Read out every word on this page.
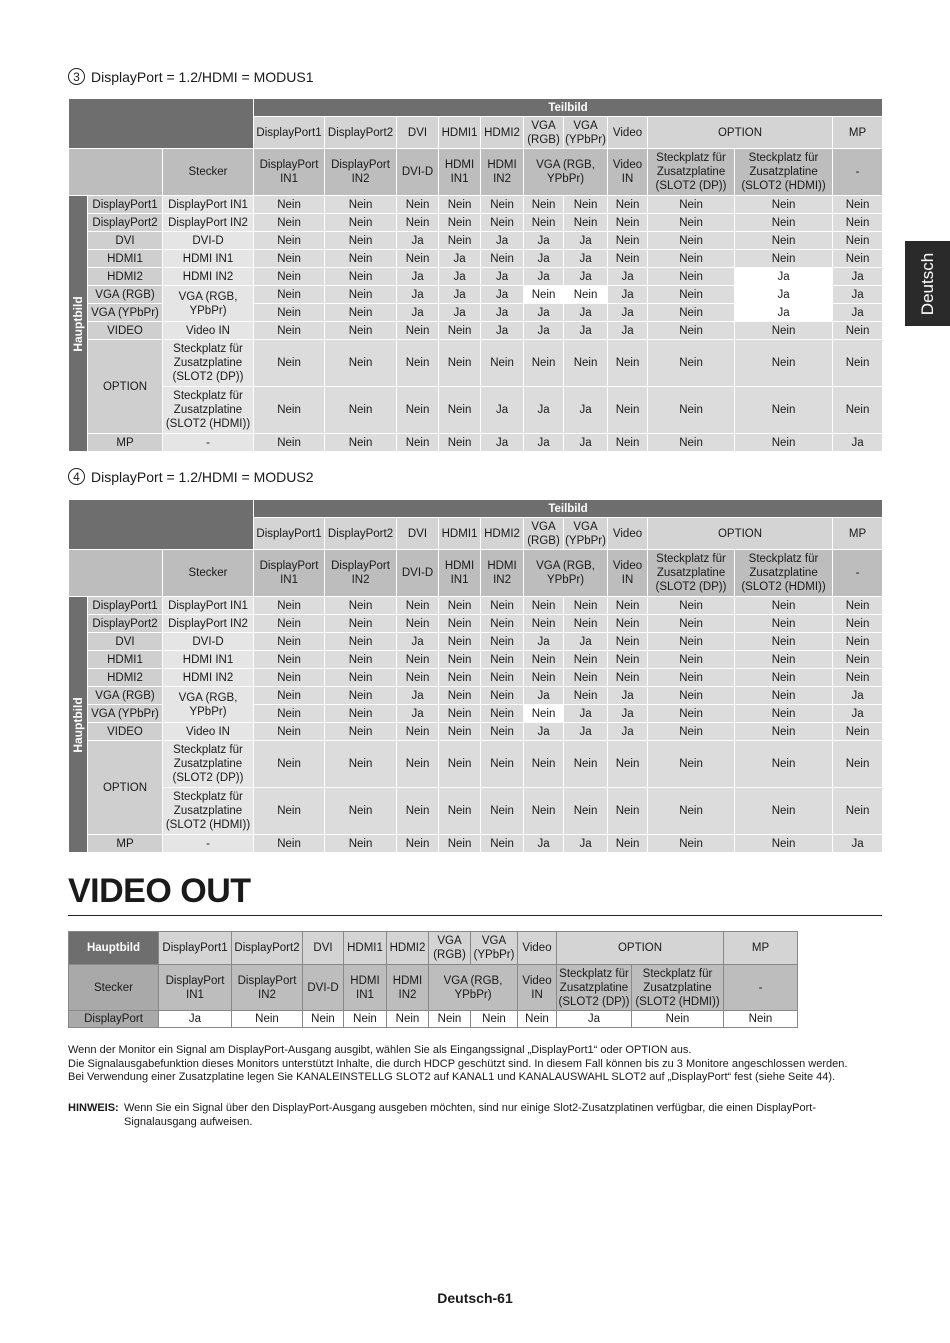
Deutsch
3 DisplayPort = 1.2/HDMI = MODUS1
			Teilbild										
			DisplayPort1	DisplayPort2	DVI	HDMI1	HDMI2	VGA (RGB)	VGA (YPbPr)	Video	OPTION		MP
		Stecker	DisplayPort IN1	DisplayPort IN2	DVI-D	HDMI IN1	HDMI IN2	VGA (RGB, YPbPr)		Video IN	Steckplatz für Zusatzplatine (SLOT2 (DP))	Steckplatz für Zusatzplatine (SLOT2 (HDMI))	-

Hauptbild	DisplayPort1	DisplayPort IN1	Nein	Nein	Nein	Nein	Nein	Nein	Nein	Nein	Nein	Nein	Nein
	DisplayPort2	DisplayPort IN2	Nein	Nein	Nein	Nein	Nein	Nein	Nein	Nein	Nein	Nein	Nein
	DVI	DVI-D	Nein	Nein	Ja	Nein	Ja	Ja	Ja	Nein	Nein	Nein	Nein
	HDMI1	HDMI IN1	Nein	Nein	Nein	Ja	Nein	Ja	Ja	Nein	Nein	Nein	Nein
	HDMI2	HDMI IN2	Nein	Nein	Ja	Ja	Ja	Ja	Ja	Ja	Nein	Ja	Ja
	VGA (RGB)	VGA (RGB, YPbPr)	Nein	Nein	Ja	Ja	Ja	Nein	Nein	Ja	Nein	Ja	Ja
	VGA (YPbPr)		Nein	Nein	Ja	Ja	Ja	Ja	Ja	Ja	Nein	Ja	Ja
	VIDEO	Video IN	Nein	Nein	Nein	Nein	Ja	Ja	Ja	Ja	Nein	Nein	Nein
	OPTION	Steckplatz für Zusatzplatine (SLOT2 (DP))	Nein	Nein	Nein	Nein	Nein	Nein	Nein	Nein	Nein	Nein	Nein
		Steckplatz für Zusatzplatine (SLOT2 (HDMI))	Nein	Nein	Nein	Nein	Ja	Ja	Ja	Nein	Nein	Nein	Nein
	MP	-	Nein	Nein	Nein	Nein	Ja	Ja	Ja	Nein	Nein	Nein	Ja
4 DisplayPort = 1.2/HDMI = MODUS2
			Teilbild										
			DisplayPort1	DisplayPort2	DVI	HDMI1	HDMI2	VGA (RGB)	VGA (YPbPr)	Video	OPTION		MP
		Stecker	DisplayPort IN1	DisplayPort IN2	DVI-D	HDMI IN1	HDMI IN2	VGA (RGB, YPbPr)		Video IN	Steckplatz für Zusatzplatine (SLOT2 (DP))	Steckplatz für Zusatzplatine (SLOT2 (HDMI))	-

Hauptbild	DisplayPort1	DisplayPort IN1	Nein	Nein	Nein	Nein	Nein	Nein	Nein	Nein	Nein	Nein	Nein
	DisplayPort2	DisplayPort IN2	Nein	Nein	Nein	Nein	Nein	Nein	Nein	Nein	Nein	Nein	Nein
	DVI	DVI-D	Nein	Nein	Ja	Nein	Nein	Ja	Ja	Nein	Nein	Nein	Nein
	HDMI1	HDMI IN1	Nein	Nein	Nein	Nein	Nein	Nein	Nein	Nein	Nein	Nein	Nein
	HDMI2	HDMI IN2	Nein	Nein	Nein	Nein	Nein	Nein	Nein	Nein	Nein	Nein	Nein
	VGA (RGB)	VGA (RGB, YPbPr)	Nein	Nein	Ja	Nein	Nein	Ja	Nein	Ja	Nein	Nein	Ja
	VGA (YPbPr)		Nein	Nein	Ja	Nein	Nein	Nein	Ja	Ja	Nein	Nein	Ja
	VIDEO	Video IN	Nein	Nein	Nein	Nein	Nein	Ja	Ja	Ja	Nein	Nein	Nein
	OPTION	Steckplatz für Zusatzplatine (SLOT2 (DP))	Nein	Nein	Nein	Nein	Nein	Nein	Nein	Nein	Nein	Nein	Nein
		Steckplatz für Zusatzplatine (SLOT2 (HDMI))	Nein	Nein	Nein	Nein	Nein	Nein	Nein	Nein	Nein	Nein	Nein
	MP	-	Nein	Nein	Nein	Nein	Nein	Ja	Ja	Nein	Nein	Nein	Ja
VIDEO OUT
Hauptbild	DisplayPort1	DisplayPort2	DVI	HDMI1	HDMI2	VGA (RGB)	VGA (YPbPr)	Video	OPTION		MP
Stecker	DisplayPort IN1	DisplayPort IN2	DVI-D	HDMI IN1	HDMI IN2	VGA (RGB, YPbPr)		Video IN	Steckplatz für Zusatzplatine (SLOT2 (DP))	Steckplatz für Zusatzplatine (SLOT2 (HDMI))	-
DisplayPort	Ja	Nein	Nein	Nein	Nein	Nein	Nein	Nein	Ja	Nein	Nein
Wenn der Monitor ein Signal am DisplayPort-Ausgang ausgibt, wählen Sie als Eingangssignal „DisplayPort1“ oder OPTION aus.
Die Signalausgabefunktion dieses Monitors unterstützt Inhalte, die durch HDCP geschützt sind. In diesem Fall können bis zu 3 Monitore angeschlossen werden.
Bei Verwendung einer Zusatzplatine legen Sie KANALEINSTELLG SLOT2 auf KANAL1 und KANALAUSWAHL SLOT2 auf „DisplayPort“ fest (siehe Seite 44).
HINWEIS: Wenn Sie ein Signal über den DisplayPort-Ausgang ausgeben möchten, sind nur einige Slot2-Zusatzplatinen verfügbar, die einen DisplayPort-Signalausgang aufweisen.
Deutsch-61
